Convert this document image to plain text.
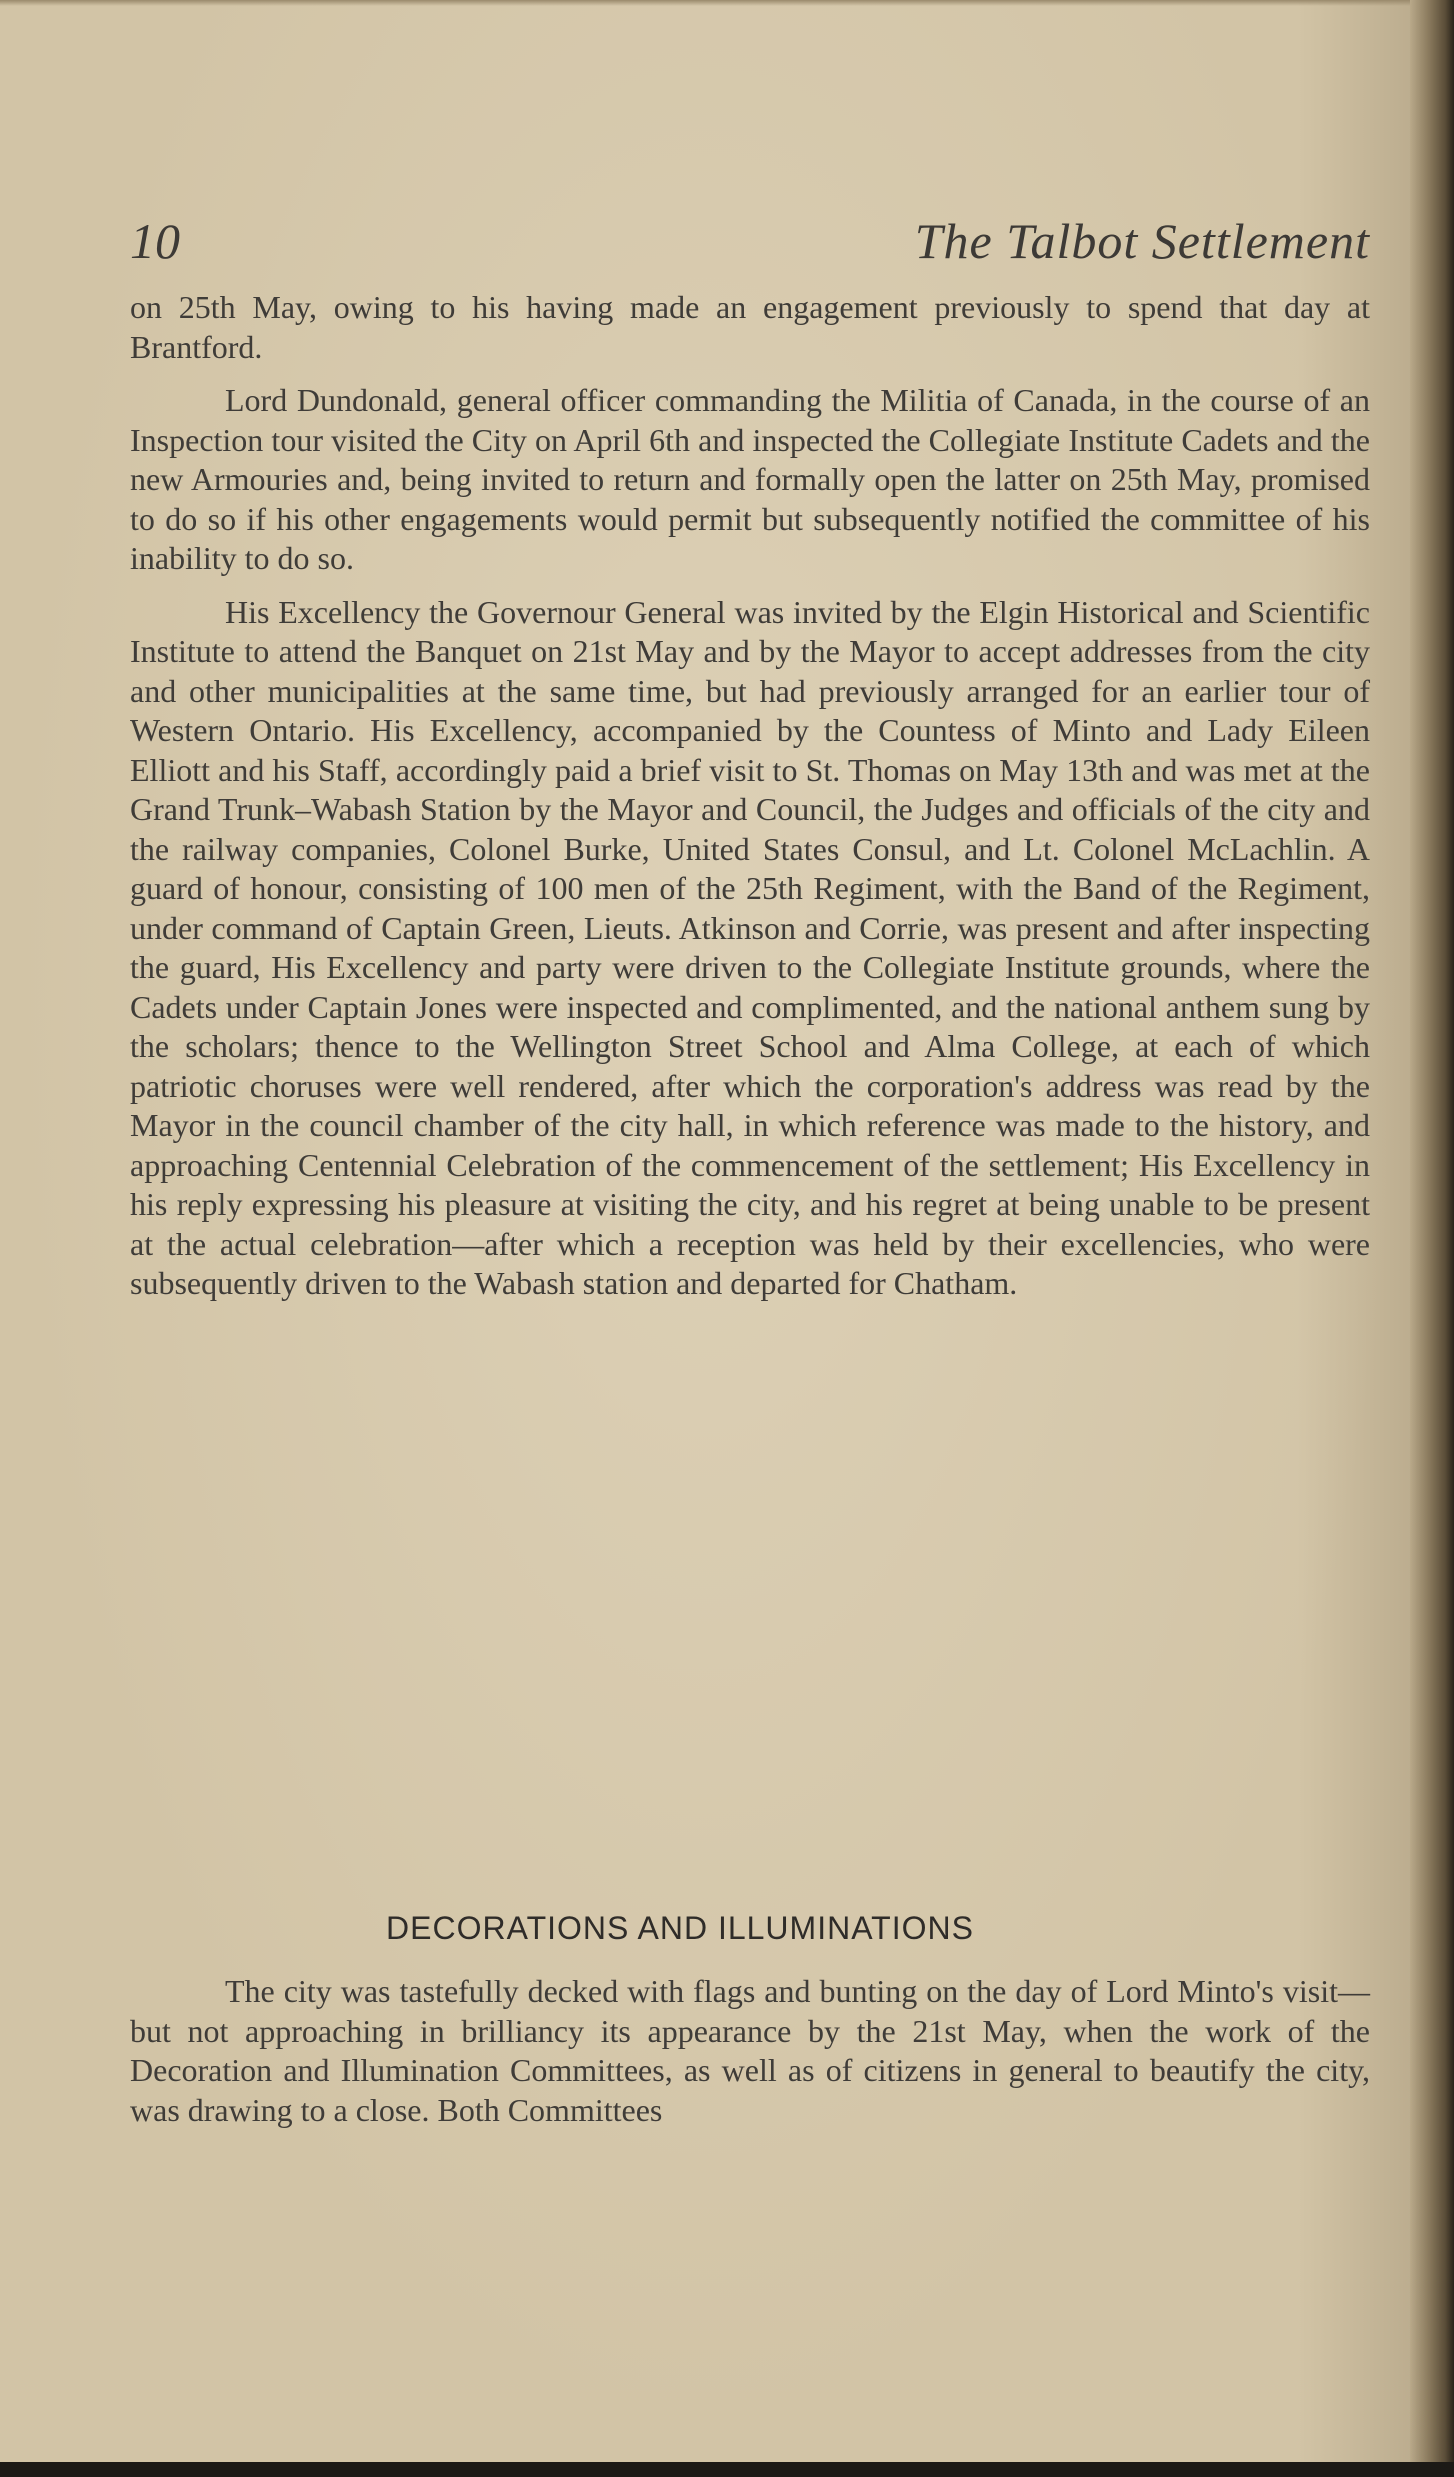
10	The Talbot Settlement

on 25th May, owing to his having made an engagement previously to spend that day at Brantford.

Lord Dundonald, general officer commanding the Militia of Canada, in the course of an Inspection tour visited the City on April 6th and inspected the Collegiate Institute Cadets and the new Armouries and, being invited to return and formally open the latter on 25th May, promised to do so if his other engagements would permit but subsequently notified the committee of his inability to do so.

His Excellency the Governour General was invited by the Elgin Historical and Scientific Institute to attend the Banquet on 21st May and by the Mayor to accept addresses from the city and other municipalities at the same time, but had previously arranged for an earlier tour of Western Ontario. His Excellency, accompanied by the Countess of Minto and Lady Eileen Elliott and his Staff, accordingly paid a brief visit to St. Thomas on May 13th and was met at the Grand Trunk–Wabash Station by the Mayor and Council, the Judges and officials of the city and the railway companies, Colonel Burke, United States Consul, and Lt. Colonel McLachlin. A guard of honour, consisting of 100 men of the 25th Regiment, with the Band of the Regiment, under command of Captain Green, Lieuts. Atkinson and Corrie, was present and after inspecting the guard, His Excellency and party were driven to the Collegiate Institute grounds, where the Cadets under Captain Jones were inspected and complimented, and the national anthem sung by the scholars; thence to the Wellington Street School and Alma College, at each of which patriotic choruses were well rendered, after which the corporation's address was read by the Mayor in the council chamber of the city hall, in which reference was made to the history, and approaching Centennial Celebration of the commencement of the settlement; His Excellency in his reply expressing his pleasure at visiting the city, and his regret at being unable to be present at the actual celebration—after which a reception was held by their excellencies, who were subsequently driven to the Wabash station and departed for Chatham.

DECORATIONS AND ILLUMINATIONS

The city was tastefully decked with flags and bunting on the day of Lord Minto's visit—but not approaching in brilliancy its appearance by the 21st May, when the work of the Decoration and Illumination Committees, as well as of citizens in general to beautify the city, was drawing to a close. Both Committees
